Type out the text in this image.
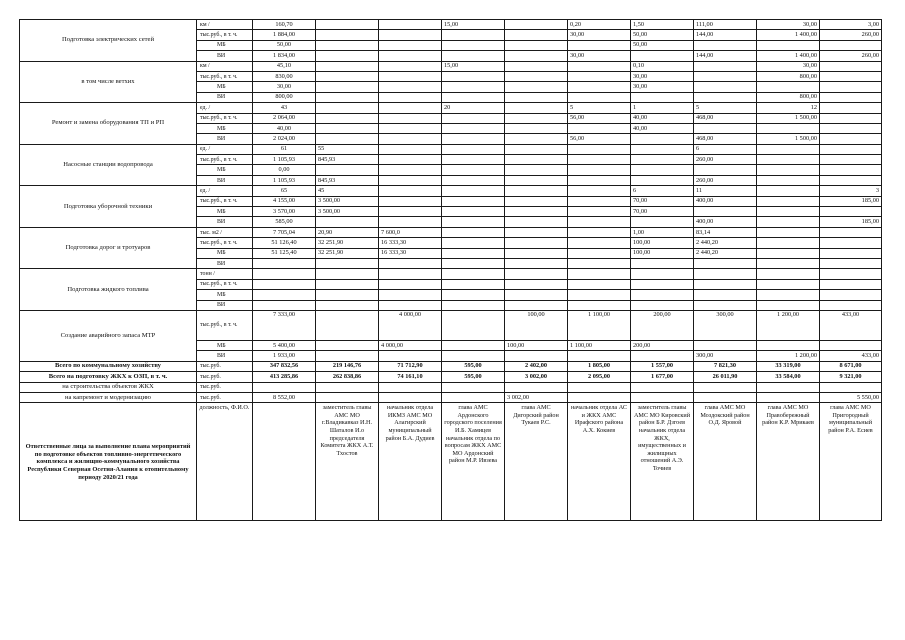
Подготовка электрических сетей	км /	160,70			15,00		0,20	1,50	111,00	30,00	3,00
	тыс.руб., в т. ч.	1 884,00					30,00	50,00	144,00	1 400,00	260,00
	МБ	50,00						50,00			
	ВИ	1 834,00					30,00		144,00	1 400,00	260,00
в том числе ветхих	км /	45,10			15,00			0,10		30,00	
	тыс.руб., в т. ч.	830,00						30,00		800,00	
	МБ	30,00						30,00			
	ВИ	800,00								800,00	
Ремонт и замена оборудования ТП и РП	ед. /	43			20		5	1	5	12	
	тыс.руб., в т. ч.	2 064,00					56,00	40,00	468,00	1 500,00	
	МБ	40,00						40,00			
	ВИ	2 024,00					56,00		468,00	1 500,00	
Насосные станции водопровода	ед. /	61	55						6		
	тыс.руб., в т. ч.	1 105,93	845,93						260,00		
	МБ	0,00									
	ВИ	1 105,93	845,93						260,00		
Подготовка уборочной техники	ед. /	65	45					6	11		3
	тыс.руб., в т. ч.	4 155,00	3 500,00					70,00	400,00		185,00
	МБ	3 570,00	3 500,00					70,00			
	ВИ	585,00							400,00		185,00
Подготовка дорог и тротуаров	тыс. м2 /	7 705,04	20,90	7 600,0				1,00	83,14		
	тыс.руб., в т. ч.	51 126,40	32 251,90	16 333,30				100,00	2 440,20		
	МБ	51 125,40	32 251,90	16 333,30				100,00	2 440,20		
	ВИ										
Подготовка жидкого топлива	тонн /										
	тыс.руб., в т. ч.										
	МБ										
	ВИ										
Создание аварийного запаса МТР	тыс.руб., в т. ч.	7 333,00		4 000,00		100,00	1 100,00	200,00	300,00	1 200,00	433,00
	МБ	5 400,00		4 000,00		100,00	1 100,00	200,00			
	ВИ	1 933,00							300,00	1 200,00	433,00
Всего по коммунальному хозяйству	тыс.руб.	347 832,56	219 146,76	71 712,90	595,00	2 402,00	1 805,00	1 557,00	7 821,30	33 319,00	8 671,00
Всего на подготовку ЖКХ к ОЗП, в т. ч.	тыс.руб.	413 285,86	262 838,86	74 161,10	595,00	3 002,00	2 095,00	1 677,00	26 011,90	33 584,00	9 321,00
на строительства объектов ЖКХ	тыс.руб.										
на капремонт и модернизацию	тыс.руб.	8 552,00				3 002,00					5 550,00
Ответственные лица за выполнение плана мероприятий по подготовке объектов топливно-энергетического комплекса и жилищно-коммунального хозяйства Республики Северная Осетия-Алания к отопительному периоду 2020/21 года	должность, Ф.И.О.		заместитель главы АМС МО г.Владикавказ И.Н. Шаталов И.о председателя Комитета ЖКХ А.Т. Тхостов	начальник отдела ИКМЗ АМС МО Алагирский муниципальный район Б.А. Дудиев	глава АМС Ардонского городского поселения И.Б. Хамицев начальник отдела по вопросам ЖКХ АМС МО Ардонский район М.Р. Ивзева	глава АМС Дигорский район Тукаев Р.С.	начальник отдела АС и ЖКХ АМС Ирафского района А.Х. Кокиев	заместитель главы АМС МО Кировский район Б.Р. Дзгоев начальник отдела ЖКХ, имущественных и жилищных отношений А.Э. Точиев	глава АМС МО Моздокский район О.Д. Яровой	глава АМС МО Правобережный район К.Р. Мрикаев	глава АМС МО Пригородный муниципальный район Р.А. Есиев
